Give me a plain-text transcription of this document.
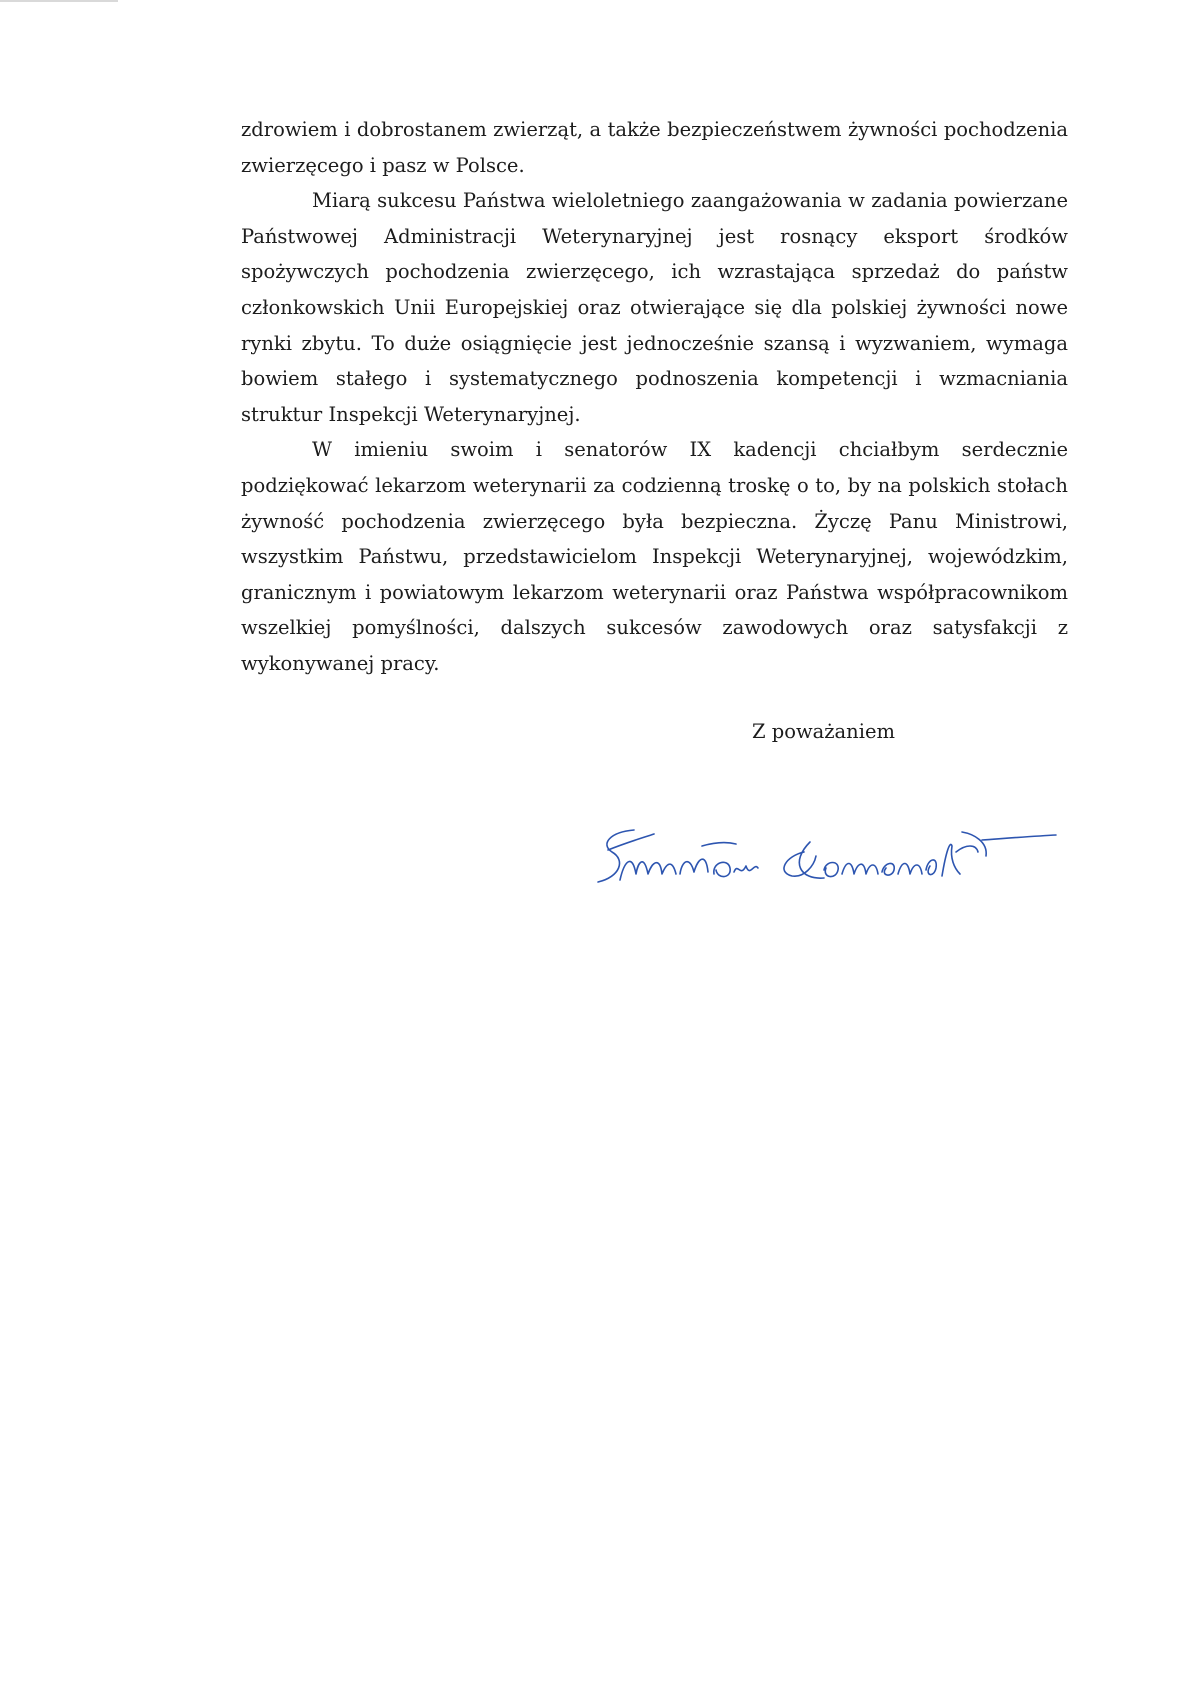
zdrowiem i dobrostanem zwierząt, a także bezpieczeństwem żywności pochodzenia zwierzęcego i pasz w Polsce.

Miarą sukcesu Państwa wieloletniego zaangażowania w zadania powierzane Państwowej Administracji Weterynaryjnej jest rosnący eksport środków spożywczych pochodzenia zwierzęcego, ich wzrastająca sprzedaż do państw członkowskich Unii Europejskiej oraz otwierające się dla polskiej żywności nowe rynki zbytu. To duże osiągnięcie jest jednocześnie szansą i wyzwaniem, wymaga bowiem stałego i systematycznego podnoszenia kompetencji i wzmacniania struktur Inspekcji Weterynaryjnej.

W imieniu swoim i senatorów IX kadencji chciałbym serdecznie podziękować lekarzom weterynarii za codzienną troskę o to, by na polskich stołach żywność pochodzenia zwierzęcego była bezpieczna. Życzę Panu Ministrowi, wszystkim Państwu, przedstawicielom Inspekcji Weterynaryjnej, wojewódzkim, granicznym i powiatowym lekarzom weterynarii oraz Państwa współpracownikom wszelkiej pomyślności, dalszych sukcesów zawodowych oraz satysfakcji z wykonywanej pracy.

Z poważaniem
